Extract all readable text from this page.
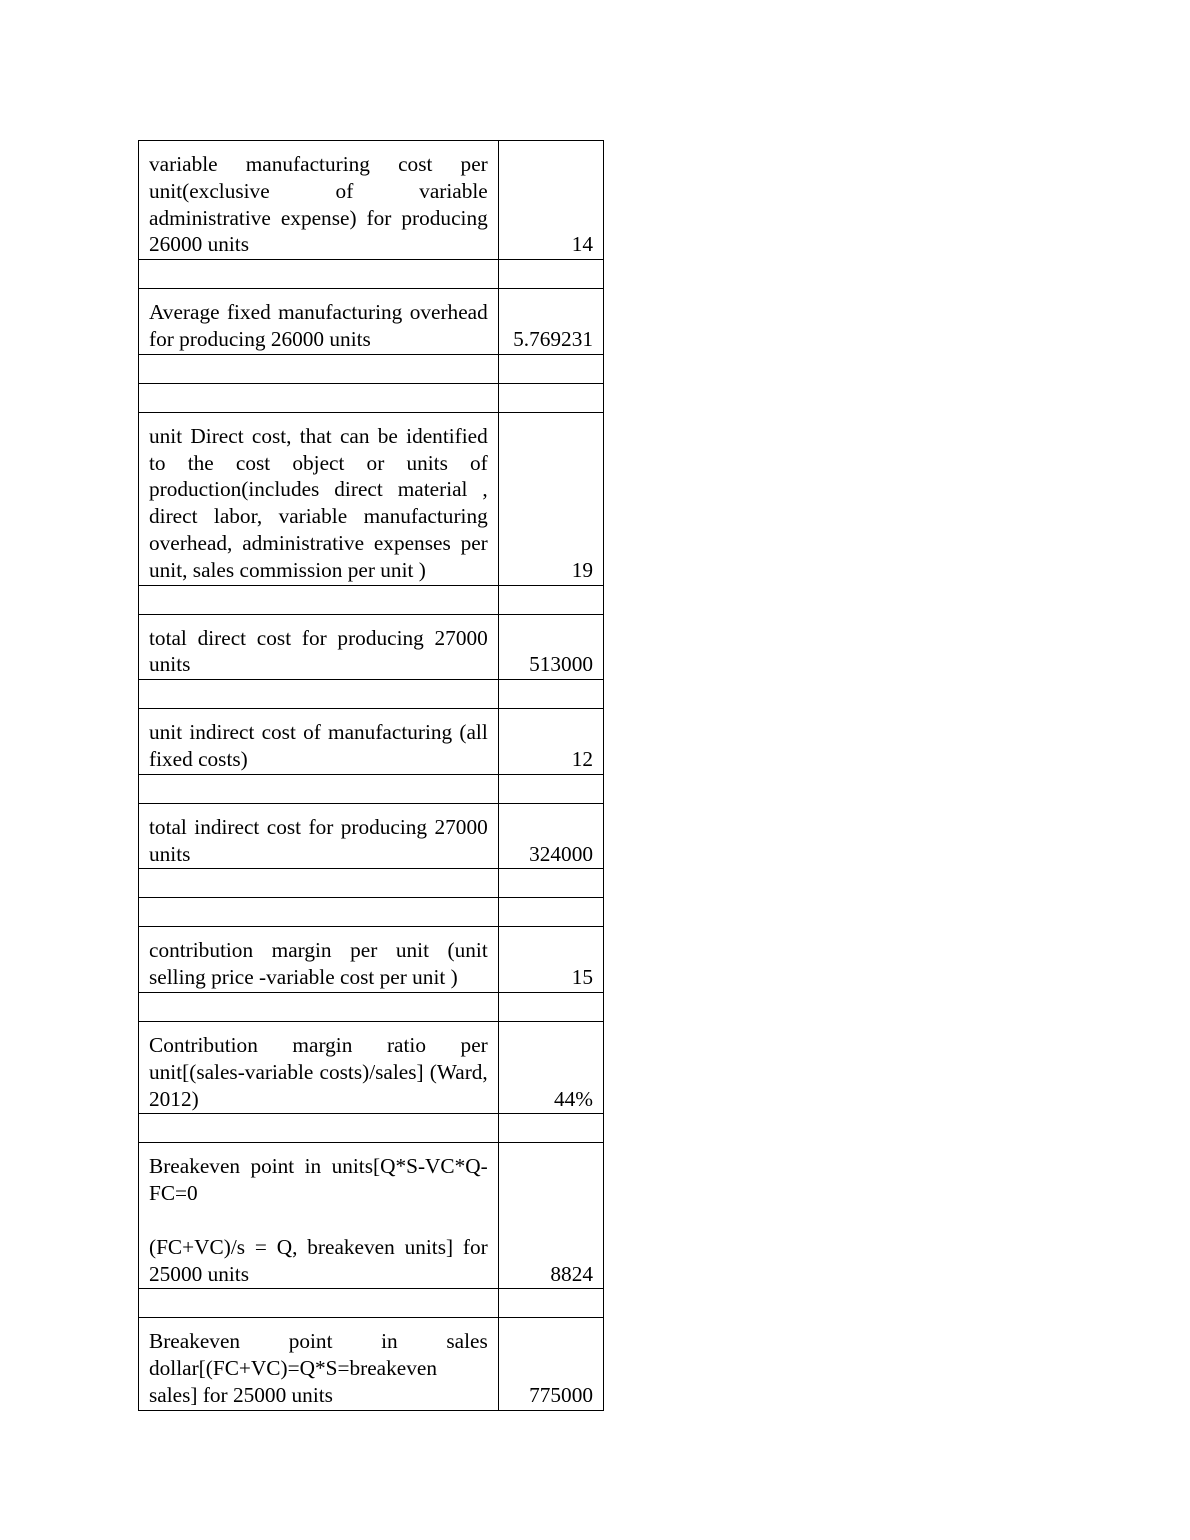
variable manufacturing cost per unit(exclusive of variable administrative expense) for producing 26000 units	14

Average fixed manufacturing overhead for producing 26000 units	5.769231

unit Direct cost, that can be identified to the cost object or units of production(includes direct material , direct labor, variable manufacturing overhead, administrative expenses per unit, sales commission per unit )	19

total direct cost for producing 27000 units	513000

unit indirect cost of manufacturing (all fixed costs)	12

total indirect cost for producing 27000 units	324000

contribution margin per unit (unit selling price -variable cost per unit )	15

Contribution margin ratio per unit[(sales-variable costs)/sales] (Ward, 2012)	44%

Breakeven point in units[Q*S-VC*Q-FC=0
(FC+VC)/s = Q, breakeven units] for 25000 units	8824

Breakeven point in sales dollar[(FC+VC)=Q*S=breakeven sales] for 25000 units	775000
